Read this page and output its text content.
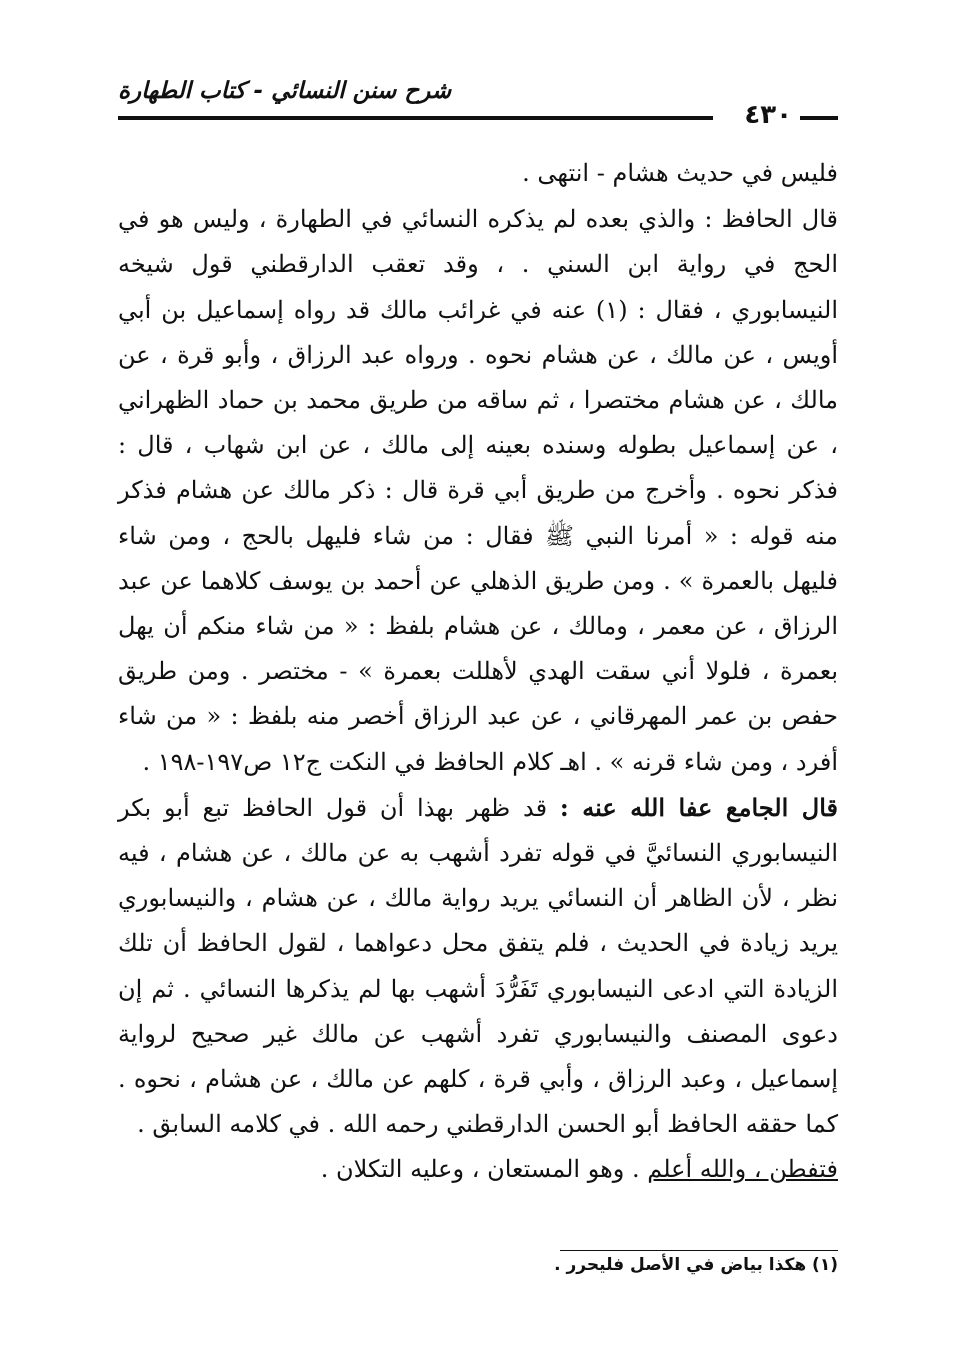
شرح سنن النسائي - كتاب الطهارة
٤٣٠

فليس في حديث هشام - انتهى .

قال الحافظ : والذي بعده لم يذكره النسائي في الطهارة ، وليس هو في الحج في رواية ابن السني . ، وقد تعقب الدارقطني قول شيخه النيسابوري ، فقال : (١) عنه في غرائب مالك قد رواه إسماعيل بن أبي أويس ، عن مالك ، عن هشام نحوه . ورواه عبد الرزاق ، وأبو قرة ، عن مالك ، عن هشام مختصرا ، ثم ساقه من طريق محمد بن حماد الظهراني ، عن إسماعيل بطوله وسنده بعينه إلى مالك ، عن ابن شهاب ، قال : فذكر نحوه . وأخرج من طريق أبي قرة قال : ذكر مالك عن هشام فذكر منه قوله : « أمرنا النبي ﷺ فقال : من شاء فليهل بالحج ، ومن شاء فليهل بالعمرة » . ومن طريق الذهلي عن أحمد بن يوسف كلاهما عن عبد الرزاق ، عن معمر ، ومالك ، عن هشام بلفظ : « من شاء منكم أن يهل بعمرة ، فلولا أني سقت الهدي لأهللت بعمرة » - مختصر . ومن طريق حفص بن عمر المهرقاني ، عن عبد الرزاق أخصر منه بلفظ : « من شاء أفرد ، ومن شاء قرنه » . اهـ كلام الحافظ في النكت ج١٢ ص١٩٧-١٩٨ .

قال الجامع عفا الله عنه : قد ظهر بهذا أن قول الحافظ تبع أبو بكر النيسابوري النسائيَّ في قوله تفرد أشهب به عن مالك ، عن هشام ، فيه نظر ، لأن الظاهر أن النسائي يريد رواية مالك ، عن هشام ، والنيسابوري يريد زيادة في الحديث ، فلم يتفق محل دعواهما ، لقول الحافظ أن تلك الزيادة التي ادعى النيسابوري تَفَرُّدَ أشهب بها لم يذكرها النسائي . ثم إن دعوى المصنف والنيسابوري تفرد أشهب عن مالك غير صحيح لرواية إسماعيل ، وعبد الرزاق ، وأبي قرة ، كلهم عن مالك ، عن هشام ، نحوه . كما حققه الحافظ أبو الحسن الدارقطني رحمه الله . في كلامه السابق .

فتفطن ، والله أعلم . وهو المستعان ، وعليه التكلان .

(١) هكذا بياض في الأصل فليحرر .
